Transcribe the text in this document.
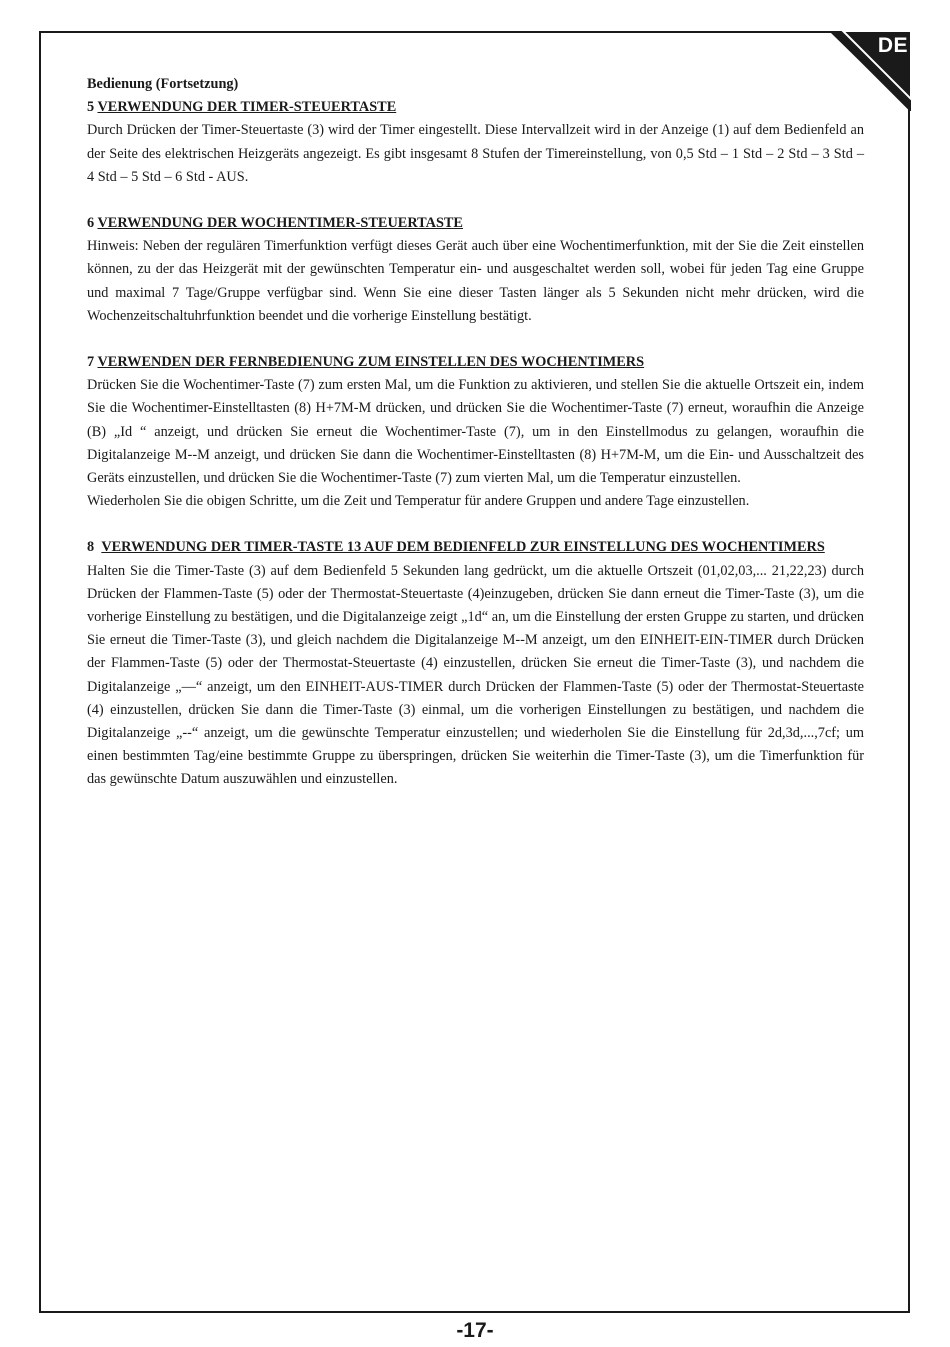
DE

Bedienung (Fortsetzung)

5 VERWENDUNG DER TIMER-STEUERTASTE

Durch Drücken der Timer-Steuertaste (3) wird der Timer eingestellt. Diese Intervallzeit wird in der Anzeige (1) auf dem Bedienfeld an der Seite des elektrischen Heizgeräts angezeigt. Es gibt insgesamt 8 Stufen der Timereinstellung, von 0,5 Std – 1 Std – 2 Std – 3 Std – 4 Std – 5 Std – 6 Std - AUS.

6 VERWENDUNG DER WOCHENTIMER-STEUERTASTE

Hinweis: Neben der regulären Timerfunktion verfügt dieses Gerät auch über eine Wochentimerfunktion, mit der Sie die Zeit einstellen können, zu der das Heizgerät mit der gewünschten Temperatur ein- und ausgeschaltet werden soll, wobei für jeden Tag eine Gruppe und maximal 7 Tage/Gruppe verfügbar sind. Wenn Sie eine dieser Tasten länger als 5 Sekunden nicht mehr drücken, wird die Wochenzeitschaltuhrfunktion beendet und die vorherige Einstellung bestätigt.

7 VERWENDEN DER FERNBEDIENUNG ZUM EINSTELLEN DES WOCHENTIMERS

Drücken Sie die Wochentimer-Taste (7) zum ersten Mal, um die Funktion zu aktivieren, und stellen Sie die aktuelle Ortszeit ein, indem Sie die Wochentimer-Einstelltasten (8) H+7M-M drücken, und drücken Sie die Wochentimer-Taste (7) erneut, woraufhin die Anzeige (B) „Id “ anzeigt, und drücken Sie erneut die Wochentimer-Taste (7), um in den Einstellmodus zu gelangen, woraufhin die Digitalanzeige M--M anzeigt, und drücken Sie dann die Wochentimer-Einstelltasten (8) H+7M-M, um die Ein- und Ausschaltzeit des Geräts einzustellen, und drücken Sie die Wochentimer-Taste (7) zum vierten Mal, um die Temperatur einzustellen.

Wiederholen Sie die obigen Schritte, um die Zeit und Temperatur für andere Gruppen und andere Tage einzustellen.

8 VERWENDUNG DER TIMER-TASTE 13 AUF DEM BEDIENFELD ZUR EINSTELLUNG DES WOCHENTIMERS

Halten Sie die Timer-Taste (3) auf dem Bedienfeld 5 Sekunden lang gedrückt, um die aktuelle Ortszeit (01,02,03,... 21,22,23) durch Drücken der Flammen-Taste (5) oder der Thermostat-Steuertaste (4)einzugeben, drücken Sie dann erneut die Timer-Taste (3), um die vorherige Einstellung zu bestätigen, und die Digitalanzeige zeigt „1d“ an, um die Einstellung der ersten Gruppe zu starten, und drücken Sie erneut die Timer-Taste (3), und gleich nachdem die Digitalanzeige M--M anzeigt, um den EINHEIT-EIN-TIMER durch Drücken der Flammen-Taste (5) oder der Thermostat-Steuertaste (4) einzustellen, drücken Sie erneut die Timer-Taste (3), und nachdem die Digitalanzeige „—“ anzeigt, um den EINHEIT-AUS-TIMER durch Drücken der Flammen-Taste (5) oder der Thermostat-Steuertaste (4) einzustellen, drücken Sie dann die Timer-Taste (3) einmal, um die vorherigen Einstellungen zu bestätigen, und nachdem die Digitalanzeige „--“ anzeigt, um die gewünschte Temperatur einzustellen; und wiederholen Sie die Einstellung für 2d,3d,...,7cf; um einen bestimmten Tag/eine bestimmte Gruppe zu überspringen, drücken Sie weiterhin die Timer-Taste (3), um die Timerfunktion für das gewünschte Datum auszuwählen und einzustellen.

-17-
